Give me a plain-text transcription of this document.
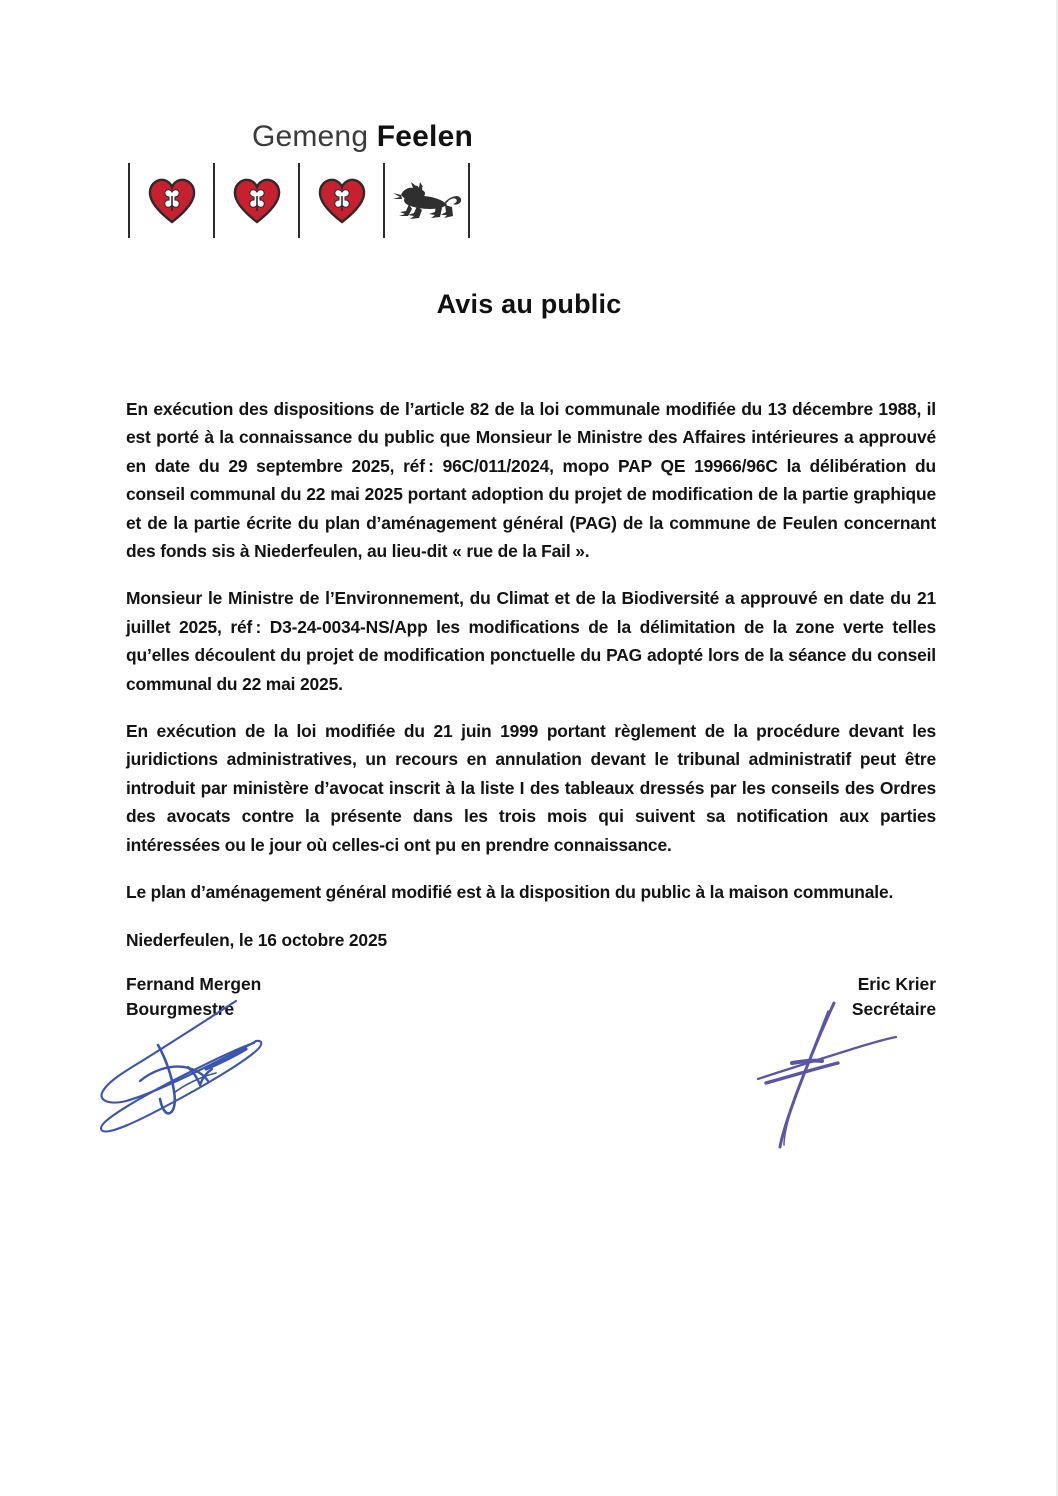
Gemeng Feelen
Avis au public

En exécution des dispositions de l’article 82 de la loi communale modifiée du 13 décembre 1988, il est porté à la connaissance du public que Monsieur le Ministre des Affaires intérieures a approuvé en date du 29 septembre 2025, réf : 96C/011/2024, mopo PAP QE 19966/96C la délibération du conseil communal du 22 mai 2025 portant adoption du projet de modification de la partie graphique et de la partie écrite du plan d’aménagement général (PAG) de la commune de Feulen concernant des fonds sis à Niederfeulen, au lieu-dit « rue de la Fail ».

Monsieur le Ministre de l’Environnement, du Climat et de la Biodiversité a approuvé en date du 21 juillet 2025, réf : D3-24-0034-NS/App les modifications de la délimitation de la zone verte telles qu’elles découlent du projet de modification ponctuelle du PAG adopté lors de la séance du conseil communal du 22 mai 2025.

En exécution de la loi modifiée du 21 juin 1999 portant règlement de la procédure devant les juridictions administratives, un recours en annulation devant le tribunal administratif peut être introduit par ministère d’avocat inscrit à la liste I des tableaux dressés par les conseils des Ordres des avocats contre la présente dans les trois mois qui suivent sa notification aux parties intéressées ou le jour où celles-ci ont pu en prendre connaissance.

Le plan d’aménagement général modifié est à la disposition du public à la maison communale.

Niederfeulen, le 16 octobre 2025

Fernand Mergen
Bourgmestre
Eric Krier
Secrétaire
